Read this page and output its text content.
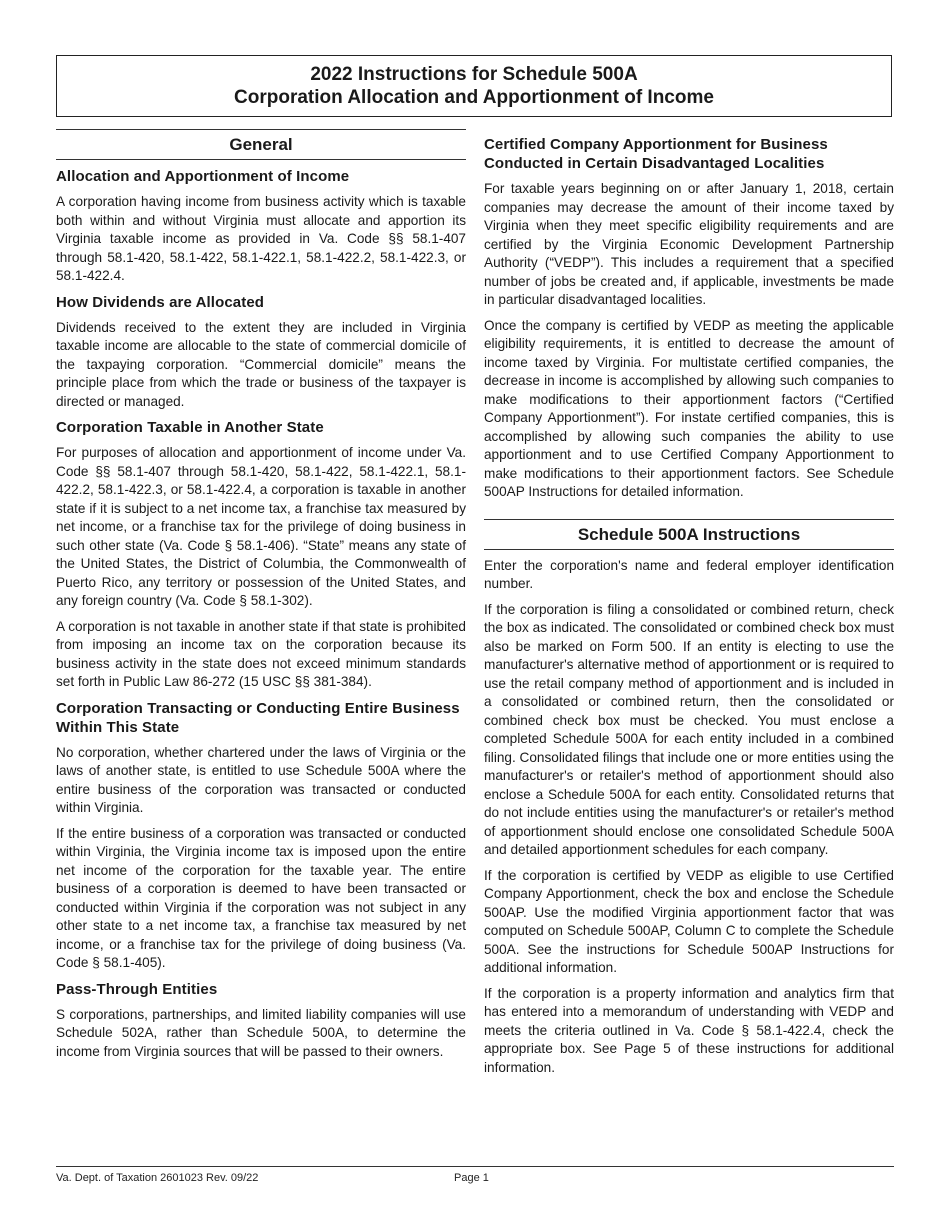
2022 Instructions for Schedule 500A
Corporation Allocation and Apportionment of Income
General
Allocation and Apportionment of Income

A corporation having income from business activity which is taxable both within and without Virginia must allocate and apportion its Virginia taxable income as provided in Va. Code §§ 58.1-407 through 58.1-420, 58.1-422, 58.1-422.1, 58.1-422.2, 58.1-422.3, or 58.1-422.4.

How Dividends are Allocated

Dividends received to the extent they are included in Virginia taxable income are allocable to the state of commercial domicile of the taxpaying corporation. “Commercial domicile” means the principle place from which the trade or business of the taxpayer is directed or managed.

Corporation Taxable in Another State

For purposes of allocation and apportionment of income under Va. Code §§ 58.1-407 through 58.1-420, 58.1-422, 58.1-422.1, 58.1-422.2, 58.1-422.3, or 58.1-422.4, a corporation is taxable in another state if it is subject to a net income tax, a franchise tax measured by net income, or a franchise tax for the privilege of doing business in such other state (Va. Code § 58.1-406). “State” means any state of the United States, the District of Columbia, the Commonwealth of Puerto Rico, any territory or possession of the United States, and any foreign country (Va. Code § 58.1-302).

A corporation is not taxable in another state if that state is prohibited from imposing an income tax on the corporation because its business activity in the state does not exceed minimum standards set forth in Public Law 86-272 (15 USC §§ 381-384).

Corporation Transacting or Conducting Entire Business Within This State

No corporation, whether chartered under the laws of Virginia or the laws of another state, is entitled to use Schedule 500A where the entire business of the corporation was transacted or conducted within Virginia.

If the entire business of a corporation was transacted or conducted within Virginia, the Virginia income tax is imposed upon the entire net income of the corporation for the taxable year. The entire business of a corporation is deemed to have been transacted or conducted within Virginia if the corporation was not subject in any other state to a net income tax, a franchise tax measured by net income, or a franchise tax for the privilege of doing business (Va. Code § 58.1-405).

Pass-Through Entities

S corporations, partnerships, and limited liability companies will use Schedule 502A, rather than Schedule 500A, to determine the income from Virginia sources that will be passed to their owners.

Certified Company Apportionment for Business Conducted in Certain Disadvantaged Localities

For taxable years beginning on or after January 1, 2018, certain companies may decrease the amount of their income taxed by Virginia when they meet specific eligibility requirements and are certified by the Virginia Economic Development Partnership Authority (“VEDP”). This includes a requirement that a specified number of jobs be created and, if applicable, investments be made in particular disadvantaged localities.

Once the company is certified by VEDP as meeting the applicable eligibility requirements, it is entitled to decrease the amount of income taxed by Virginia. For multistate certified companies, the decrease in income is accomplished by allowing such companies to make modifications to their apportionment factors (“Certified Company Apportionment”). For instate certified companies, this is accomplished by allowing such companies the ability to use apportionment and to use Certified Company Apportionment to make modifications to their apportionment factors. See Schedule 500AP Instructions for detailed information.

Schedule 500A Instructions

Enter the corporation's name and federal employer identification number.

If the corporation is filing a consolidated or combined return, check the box as indicated. The consolidated or combined check box must also be marked on Form 500. If an entity is electing to use the manufacturer's alternative method of apportionment or is required to use the retail company method of apportionment and is included in a consolidated or combined return, then the consolidated or combined check box must be checked. You must enclose a completed Schedule 500A for each entity included in a combined filing. Consolidated filings that include one or more entities using the manufacturer's or retailer's method of apportionment should also enclose a Schedule 500A for each entity. Consolidated returns that do not include entities using the manufacturer's or retailer's method of apportionment should enclose one consolidated Schedule 500A and detailed apportionment schedules for each company.

If the corporation is certified by VEDP as eligible to use Certified Company Apportionment, check the box and enclose the Schedule 500AP. Use the modified Virginia apportionment factor that was computed on Schedule 500AP, Column C to complete the Schedule 500A. See the instructions for Schedule 500AP Instructions for additional information.

If the corporation is a property information and analytics firm that has entered into a memorandum of understanding with VEDP and meets the criteria outlined in Va. Code § 58.1-422.4, check the appropriate box. See Page 5 of these instructions for additional information.

Va. Dept. of Taxation 2601023 Rev. 09/22	Page 1
